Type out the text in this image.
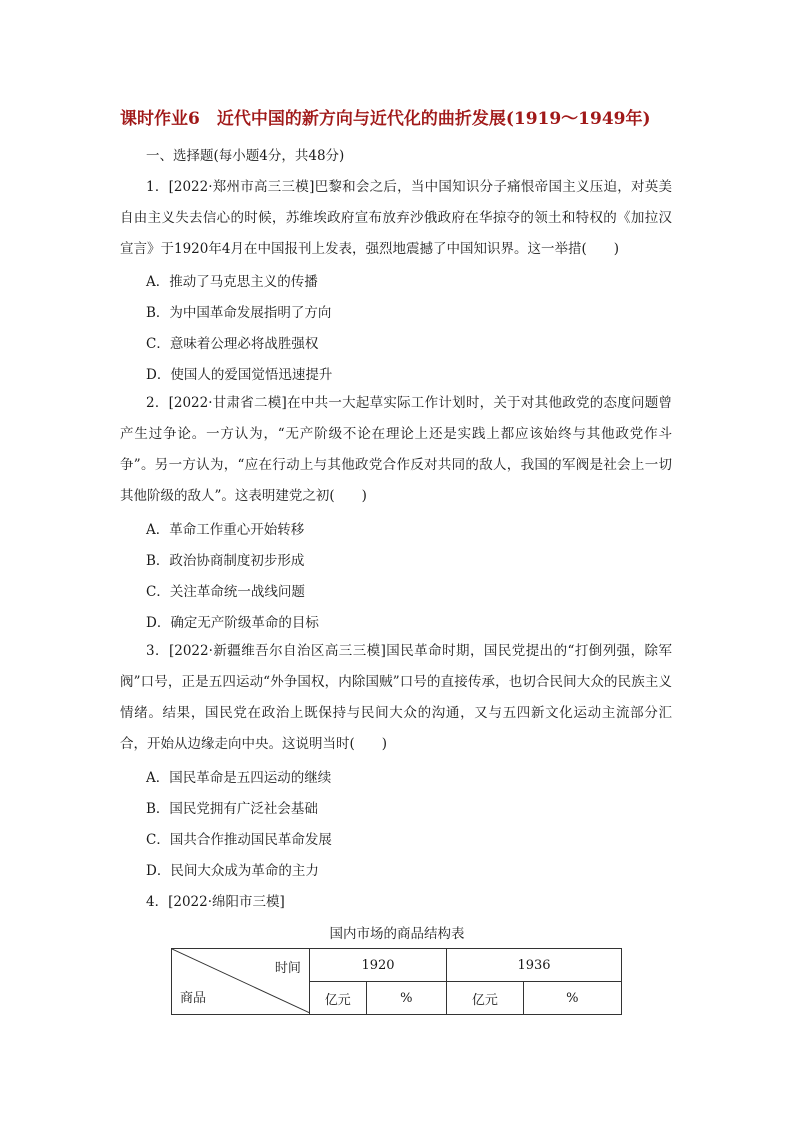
课时作业6　近代中国的新方向与近代化的曲折发展(1919～1949年)
一、选择题(每小题4分，共48分)
1．[2022·郑州市高三三模]巴黎和会之后，当中国知识分子痛恨帝国主义压迫，对英美自由主义失去信心的时候，苏维埃政府宣布放弃沙俄政府在华掠夺的领土和特权的《加拉汉宣言》于1920年4月在中国报刊上发表，强烈地震撼了中国知识界。这一举措(　　)
A．推动了马克思主义的传播
B．为中国革命发展指明了方向
C．意味着公理必将战胜强权
D．使国人的爱国觉悟迅速提升
2．[2022·甘肃省二模]在中共一大起草实际工作计划时，关于对其他政党的态度问题曾产生过争论。一方认为，“无产阶级不论在理论上还是实践上都应该始终与其他政党作斗争”。另一方认为，“应在行动上与其他政党合作反对共同的敌人，我国的军阀是社会上一切其他阶级的敌人”。这表明建党之初(　　)
A．革命工作重心开始转移
B．政治协商制度初步形成
C．关注革命统一战线问题
D．确定无产阶级革命的目标
3．[2022·新疆维吾尔自治区高三三模]国民革命时期，国民党提出的“打倒列强，除军阀”口号，正是五四运动“外争国权，内除国贼”口号的直接传承，也切合民间大众的民族主义情绪。结果，国民党在政治上既保持与民间大众的沟通，又与五四新文化运动主流部分汇合，开始从边缘走向中央。这说明当时(　　)
A．国民革命是五四运动的继续
B．国民党拥有广泛社会基础
C．国共合作推动国民革命发展
D．民间大众成为革命的主力
4．[2022·绵阳市三模]
国内市场的商品结构表
时间
商品	1920		1936	
	亿元	%	亿元	%
